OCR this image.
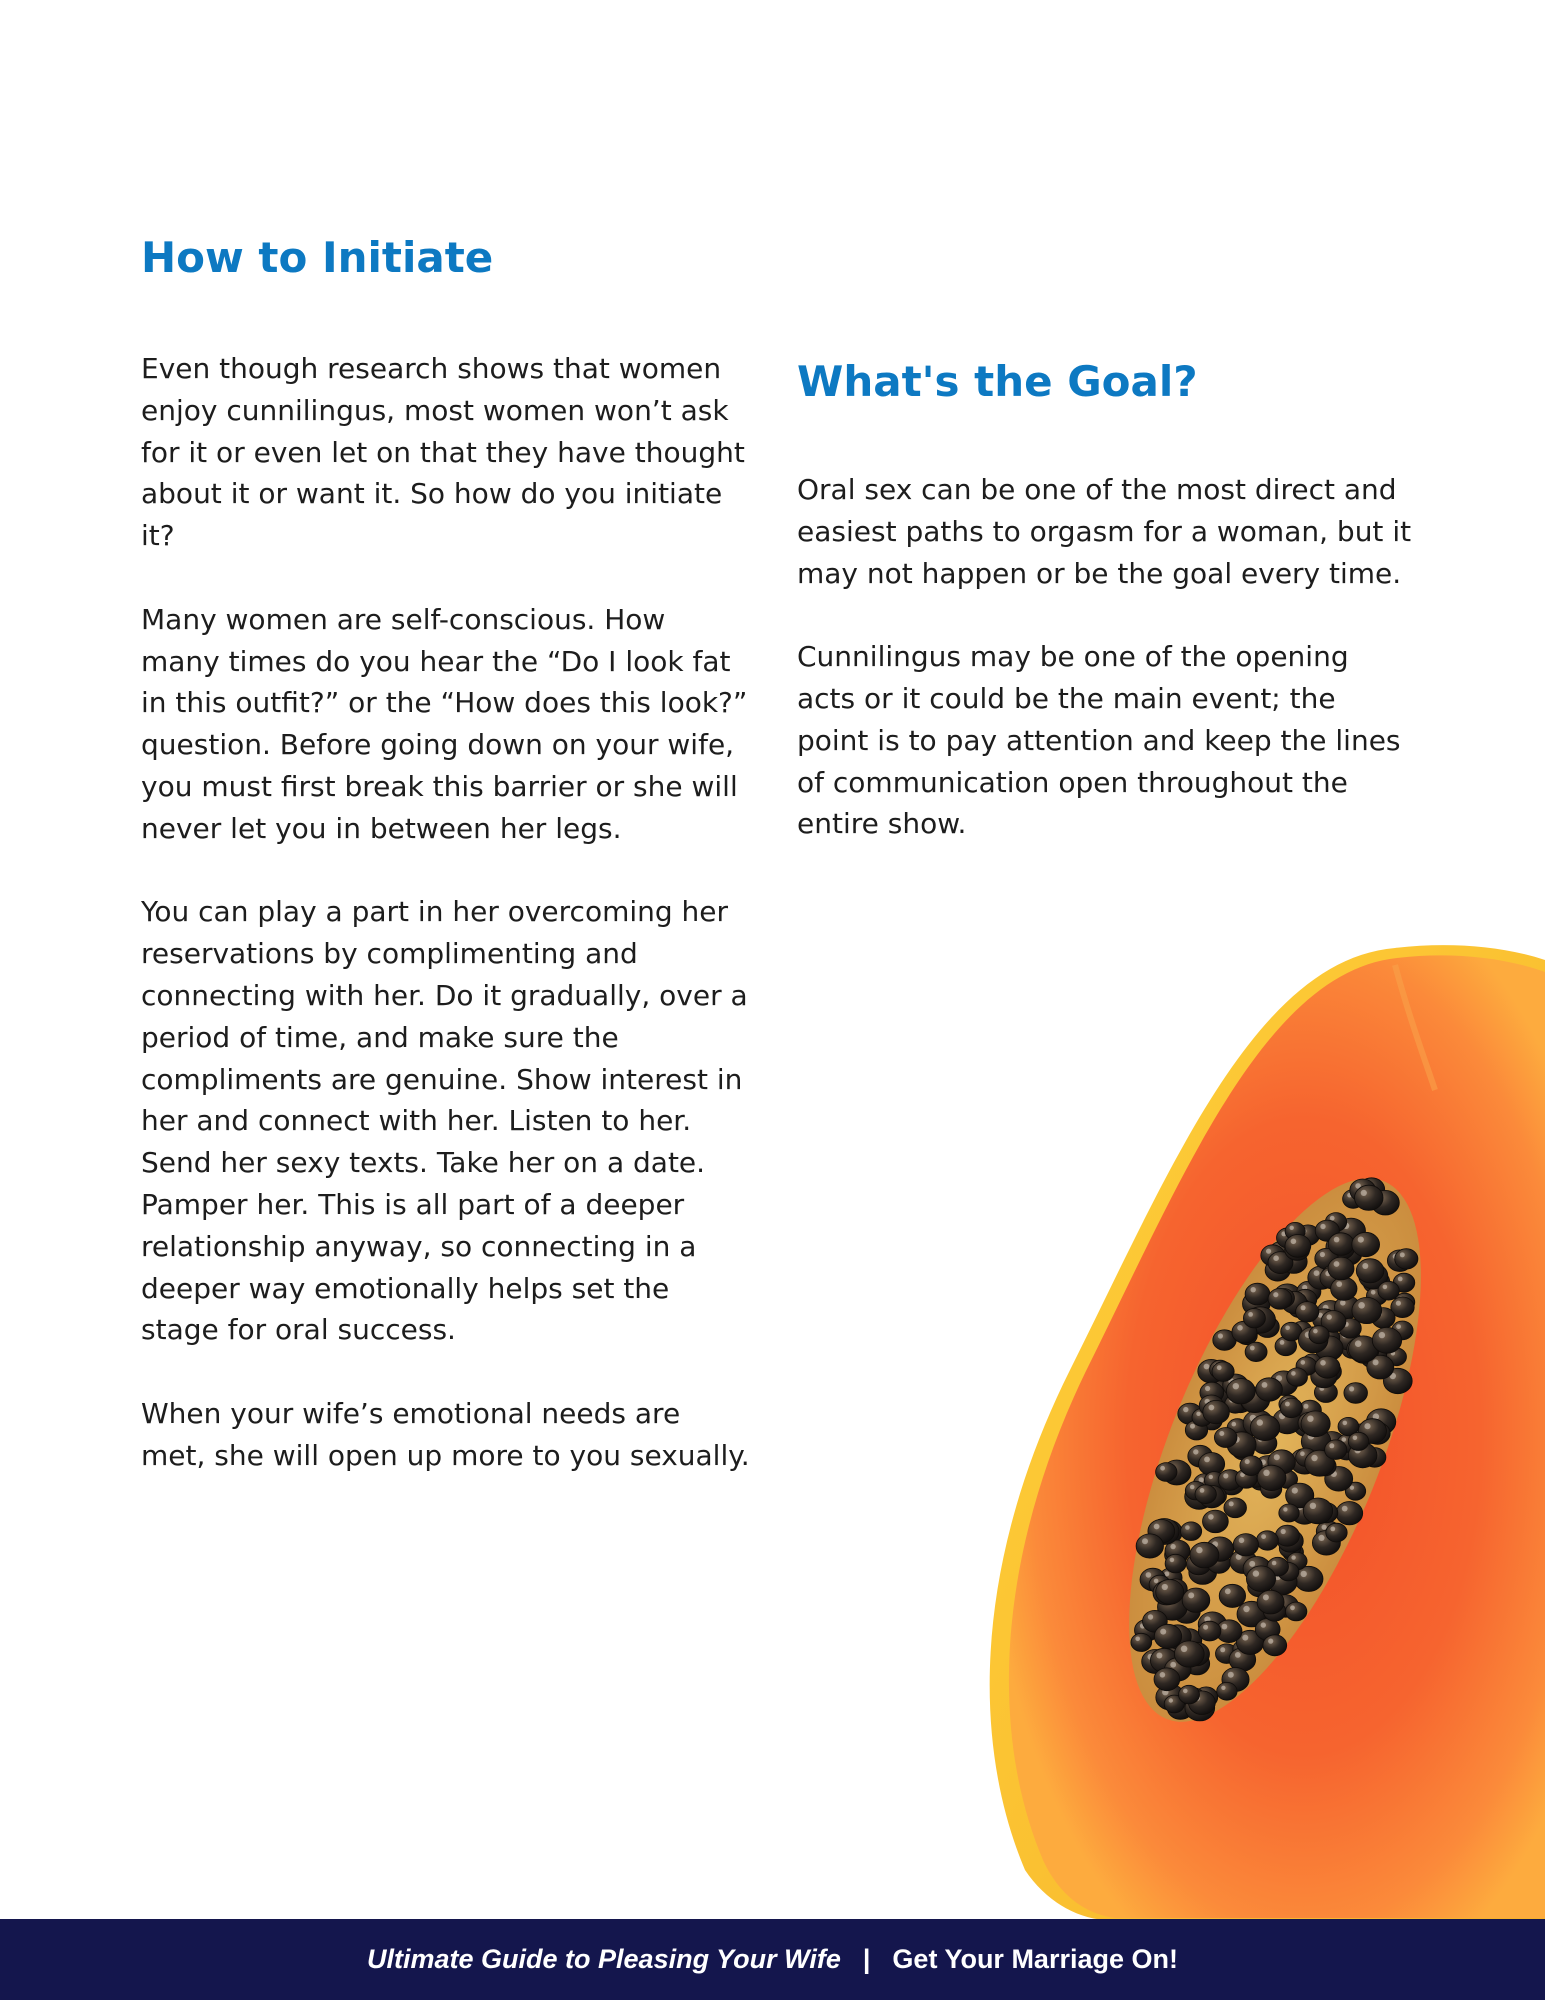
How to Initiate

Even though research shows that women enjoy cunnilingus, most women won’t ask for it or even let on that they have thought about it or want it. So how do you initiate it?

Many women are self-conscious. How many times do you hear the “Do I look fat in this outfit?” or the “How does this look?” question. Before going down on your wife, you must first break this barrier or she will never let you in between her legs.

You can play a part in her overcoming her reservations by complimenting and connecting with her. Do it gradually, over a period of time, and make sure the compliments are genuine. Show interest in her and connect with her. Listen to her. Send her sexy texts. Take her on a date. Pamper her. This is all part of a deeper relationship anyway, so connecting in a deeper way emotionally helps set the stage for oral success.

When your wife’s emotional needs are met, she will open up more to you sexually.

What's the Goal?

Oral sex can be one of the most direct and easiest paths to orgasm for a woman, but it may not happen or be the goal every time.

Cunnilingus may be one of the opening acts or it could be the main event; the point is to pay attention and keep the lines of communication open throughout the entire show.

Ultimate Guide to Pleasing Your Wife | Get Your Marriage On!
